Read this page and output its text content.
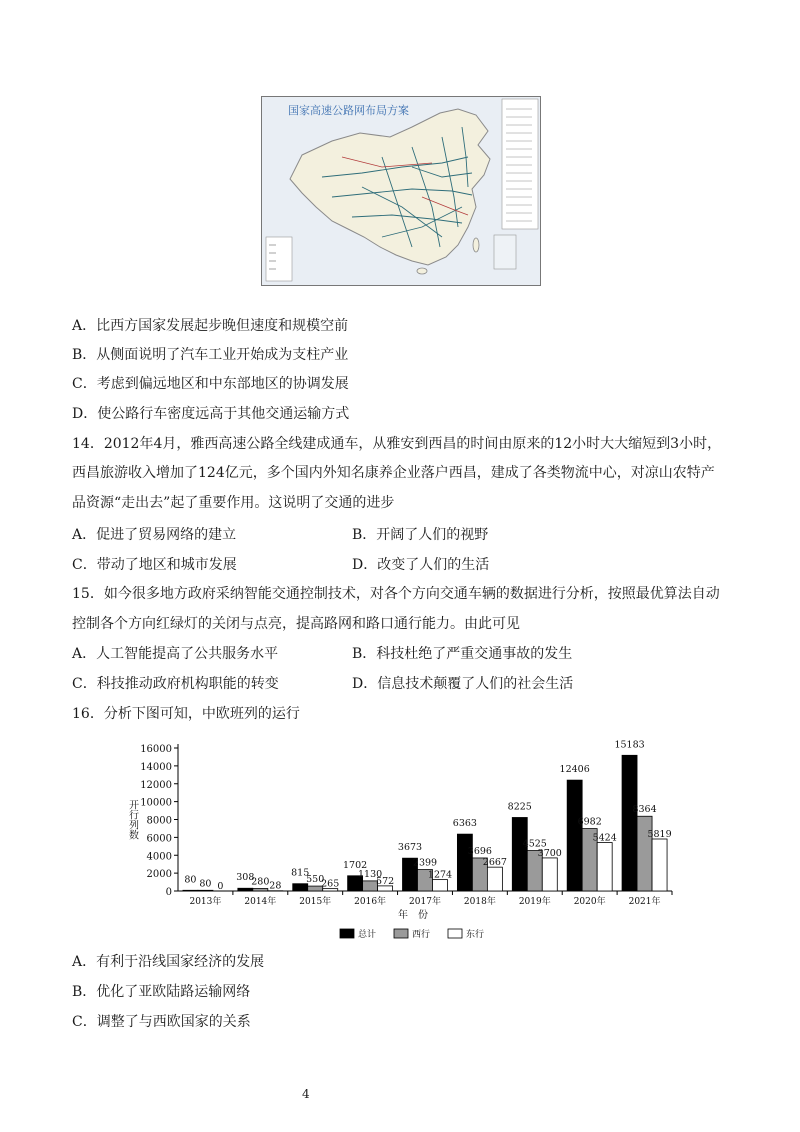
国家高速公路网布局方案
A．比西方国家发展起步晚但速度和规模空前
B．从侧面说明了汽车工业开始成为支柱产业
C．考虑到偏远地区和中东部地区的协调发展
D．使公路行车密度远高于其他交通运输方式
14．2012年4月，雅西高速公路全线建成通车，从雅安到西昌的时间由原来的12小时大大缩短到3小时，
西昌旅游收入增加了124亿元，多个国内外知名康养企业落户西昌，建成了各类物流中心，对凉山农特产
品资源“走出去”起了重要作用。这说明了交通的进步
A．促进了贸易网络的建立	B．开阔了人们的视野
C．带动了地区和城市发展	D．改变了人们的生活
15．如今很多地方政府采纳智能交通控制技术，对各个方向交通车辆的数据进行分析，按照最优算法自动
控制各个方向红绿灯的关闭与点亮，提高路网和路口通行能力。由此可见
A．人工智能提高了公共服务水平	B．科技杜绝了严重交通事故的发生
C．科技推动政府机构职能的转变	D．信息技术颠覆了人们的社会生活
16．分析下图可知，中欧班列的运行
0
2000
4000
6000
8000
10000
12000
14000
16000
开行列数
80 80 0
2013年
308
280 28
2014年
815
550
265
2015年
1702
1130
572
2016年
3673
2399
1274
2017年
6363
3696
2667
2018年
8225
4525
3700
2019年
12406
6982
5424
2020年
15183
8364
5819
2021年
年　份
总计	西行	东行
A．有利于沿线国家经济的发展
B．优化了亚欧陆路运输网络
C．调整了与西欧国家的关系
4
